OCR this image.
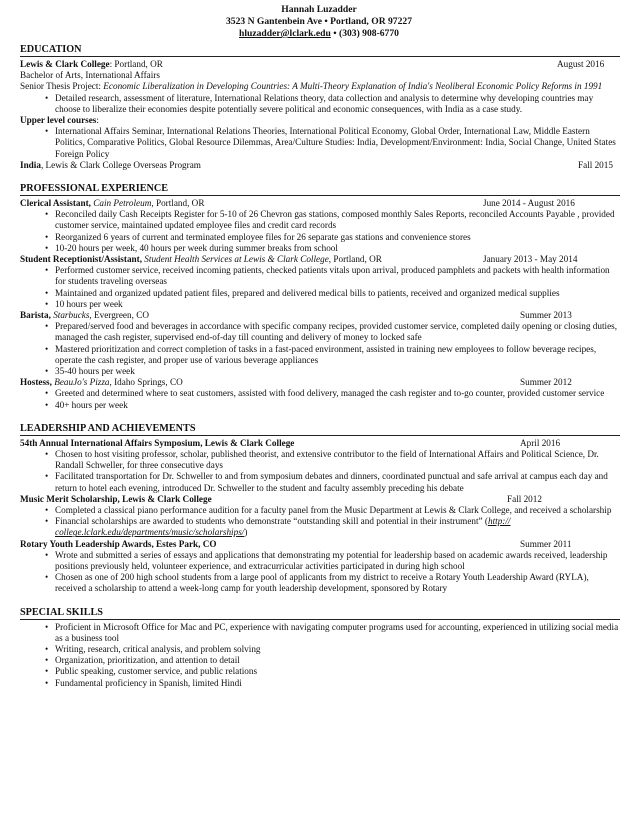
Hannah Luzadder
3523 N Gantenbein Ave • Portland, OR 97227
hluzadder@lclark.edu • (303) 908-6770
EDUCATION
Lewis & Clark College: Portland, OR	August 2016
Bachelor of Arts, International Affairs
Senior Thesis Project: Economic Liberalization in Developing Countries: A Multi-Theory Explanation of India's Neoliberal Economic Policy Reforms in 1991
• Detailed research, assessment of literature, International Relations theory, data collection and analysis to determine why developing countries may choose to liberalize their economies despite potentially severe political and economic consequences, with India as a case study.
Upper level courses:
• International Affairs Seminar, International Relations Theories, International Political Economy, Global Order, International Law, Middle Eastern Politics, Comparative Politics, Global Resource Dilemmas, Area/Culture Studies: India, Development/Environment: India, Social Change, United States Foreign Policy
India, Lewis & Clark College Overseas Program	Fall 2015
PROFESSIONAL EXPERIENCE
Clerical Assistant, Cain Petroleum, Portland, OR	June 2014 - August 2016
• Reconciled daily Cash Receipts Register for 5-10 of 26 Chevron gas stations, composed monthly Sales Reports, reconciled Accounts Payable , provided customer service, maintained updated employee files and credit card records
• Reorganized 6 years of current and terminated employee files for 26 separate gas stations and convenience stores
• 10-20 hours per week, 40 hours per week during summer breaks from school
Student Receptionist/Assistant, Student Health Services at Lewis & Clark College, Portland, OR	January 2013 - May 2014
• Performed customer service, received incoming patients, checked patients vitals upon arrival, produced pamphlets and packets with health information for students traveling overseas
• Maintained and organized updated patient files, prepared and delivered medical bills to patients, received and organized medical supplies
• 10 hours per week
Barista, Starbucks, Evergreen, CO	Summer 2013
• Prepared/served food and beverages in accordance with specific company recipes, provided customer service, completed daily opening or closing duties, managed the cash register, supervised end-of-day till counting and delivery of money to locked safe
• Mastered prioritization and correct completion of tasks in a fast-paced environment, assisted in training new employees to follow beverage recipes, operate the cash register, and proper use of various beverage appliances
• 35-40 hours per week
Hostess, BeauJo's Pizza, Idaho Springs, CO	Summer 2012
• Greeted and determined where to seat customers, assisted with food delivery, managed the cash register and to-go counter, provided customer service
• 40+ hours per week
LEADERSHIP AND ACHIEVEMENTS
54th Annual International Affairs Symposium, Lewis & Clark College	April 2016
• Chosen to host visiting professor, scholar, published theorist, and extensive contributor to the field of International Affairs and Political Science, Dr. Randall Schweller, for three consecutive days
• Facilitated transportation for Dr. Schweller to and from symposium debates and dinners, coordinated punctual and safe arrival at campus each day and return to hotel each evening, introduced Dr. Schweller to the student and faculty assembly preceding his debate
Music Merit Scholarship, Lewis & Clark College	Fall 2012
• Completed a classical piano performance audition for a faculty panel from the Music Department at Lewis & Clark College, and received a scholarship
• Financial scholarships are awarded to students who demonstrate “outstanding skill and potential in their instrument” (http:// college.lclark.edu/departments/music/scholarships/)
Rotary Youth Leadership Awards, Estes Park, CO	Summer 2011
• Wrote and submitted a series of essays and applications that demonstrating my potential for leadership based on academic awards received, leadership positions previously held, volunteer experience, and extracurricular activities participated in during high school
• Chosen as one of 200 high school students from a large pool of applicants from my district to receive a Rotary Youth Leadership Award (RYLA), received a scholarship to attend a week-long camp for youth leadership development, sponsored by Rotary
SPECIAL SKILLS
• Proficient in Microsoft Office for Mac and PC, experience with navigating computer programs used for accounting, experienced in utilizing social media as a business tool
• Writing, research, critical analysis, and problem solving
• Organization, prioritization, and attention to detail
• Public speaking, customer service, and public relations
• Fundamental proficiency in Spanish, limited Hindi
